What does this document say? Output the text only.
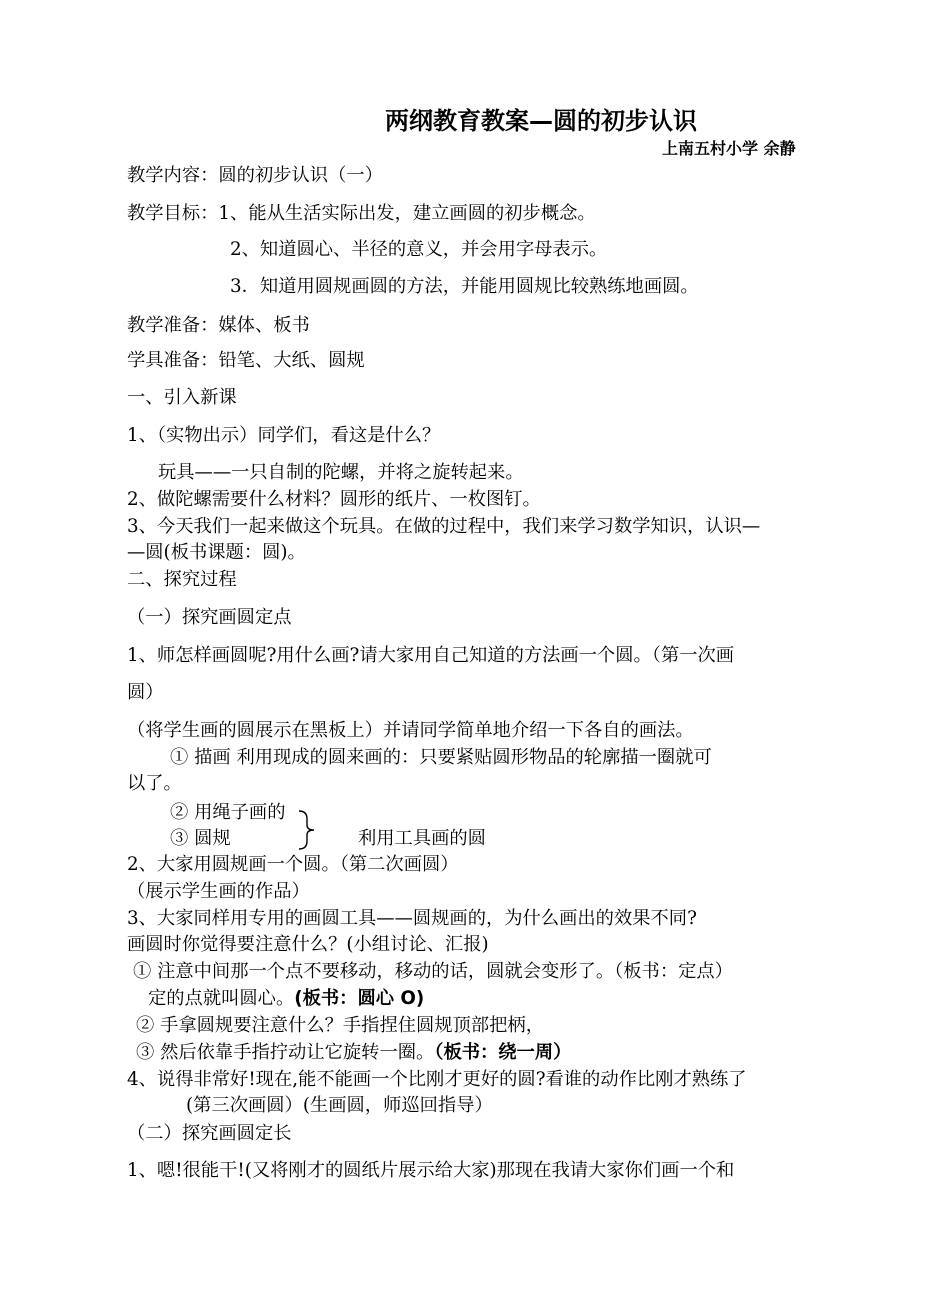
两纲教育教案—圆的初步认识
上南五村小学 余静
教学内容：圆的初步认识（一）
教学目标：1、能从生活实际出发，建立画圆的初步概念。
2、知道圆心、半径的意义，并会用字母表示。
3．知道用圆规画圆的方法，并能用圆规比较熟练地画圆。
教学准备：媒体、板书
学具准备：铅笔、大纸、圆规
一、引入新课
1、（实物出示）同学们，看这是什么？
玩具——一只自制的陀螺，并将之旋转起来。
2、做陀螺需要什么材料？圆形的纸片、一枚图钉。
3、今天我们一起来做这个玩具。在做的过程中，我们来学习数学知识，认识—
—圆(板书课题：圆)。
二、探究过程
（一）探究画圆定点
1、师怎样画圆呢?用什么画?请大家用自己知道的方法画一个圆。（第一次画
圆）
（将学生画的圆展示在黑板上）并请同学简单地介绍一下各自的画法。
① 描画 利用现成的圆来画的：只要紧贴圆形物品的轮廓描一圈就可
以了。
② 用绳子画的
③ 圆规	利用工具画的圆
2、大家用圆规画一个圆。（第二次画圆）
（展示学生画的作品）
3、大家同样用专用的画圆工具——圆规画的，为什么画出的效果不同?
画圆时你觉得要注意什么？(小组讨论、汇报)
① 注意中间那一个点不要移动，移动的话，圆就会变形了。（板书：定点）
定的点就叫圆心。(板书：圆心 O)
② 手拿圆规要注意什么？手指捏住圆规顶部把柄，
③ 然后依靠手指拧动让它旋转一圈。（板书：绕一周）
4、说得非常好!现在,能不能画一个比刚才更好的圆?看谁的动作比刚才熟练了
(第三次画圆）(生画圆，师巡回指导）
（二）探究画圆定长
1、嗯!很能干!(又将刚才的圆纸片展示给大家)那现在我请大家你们画一个和
